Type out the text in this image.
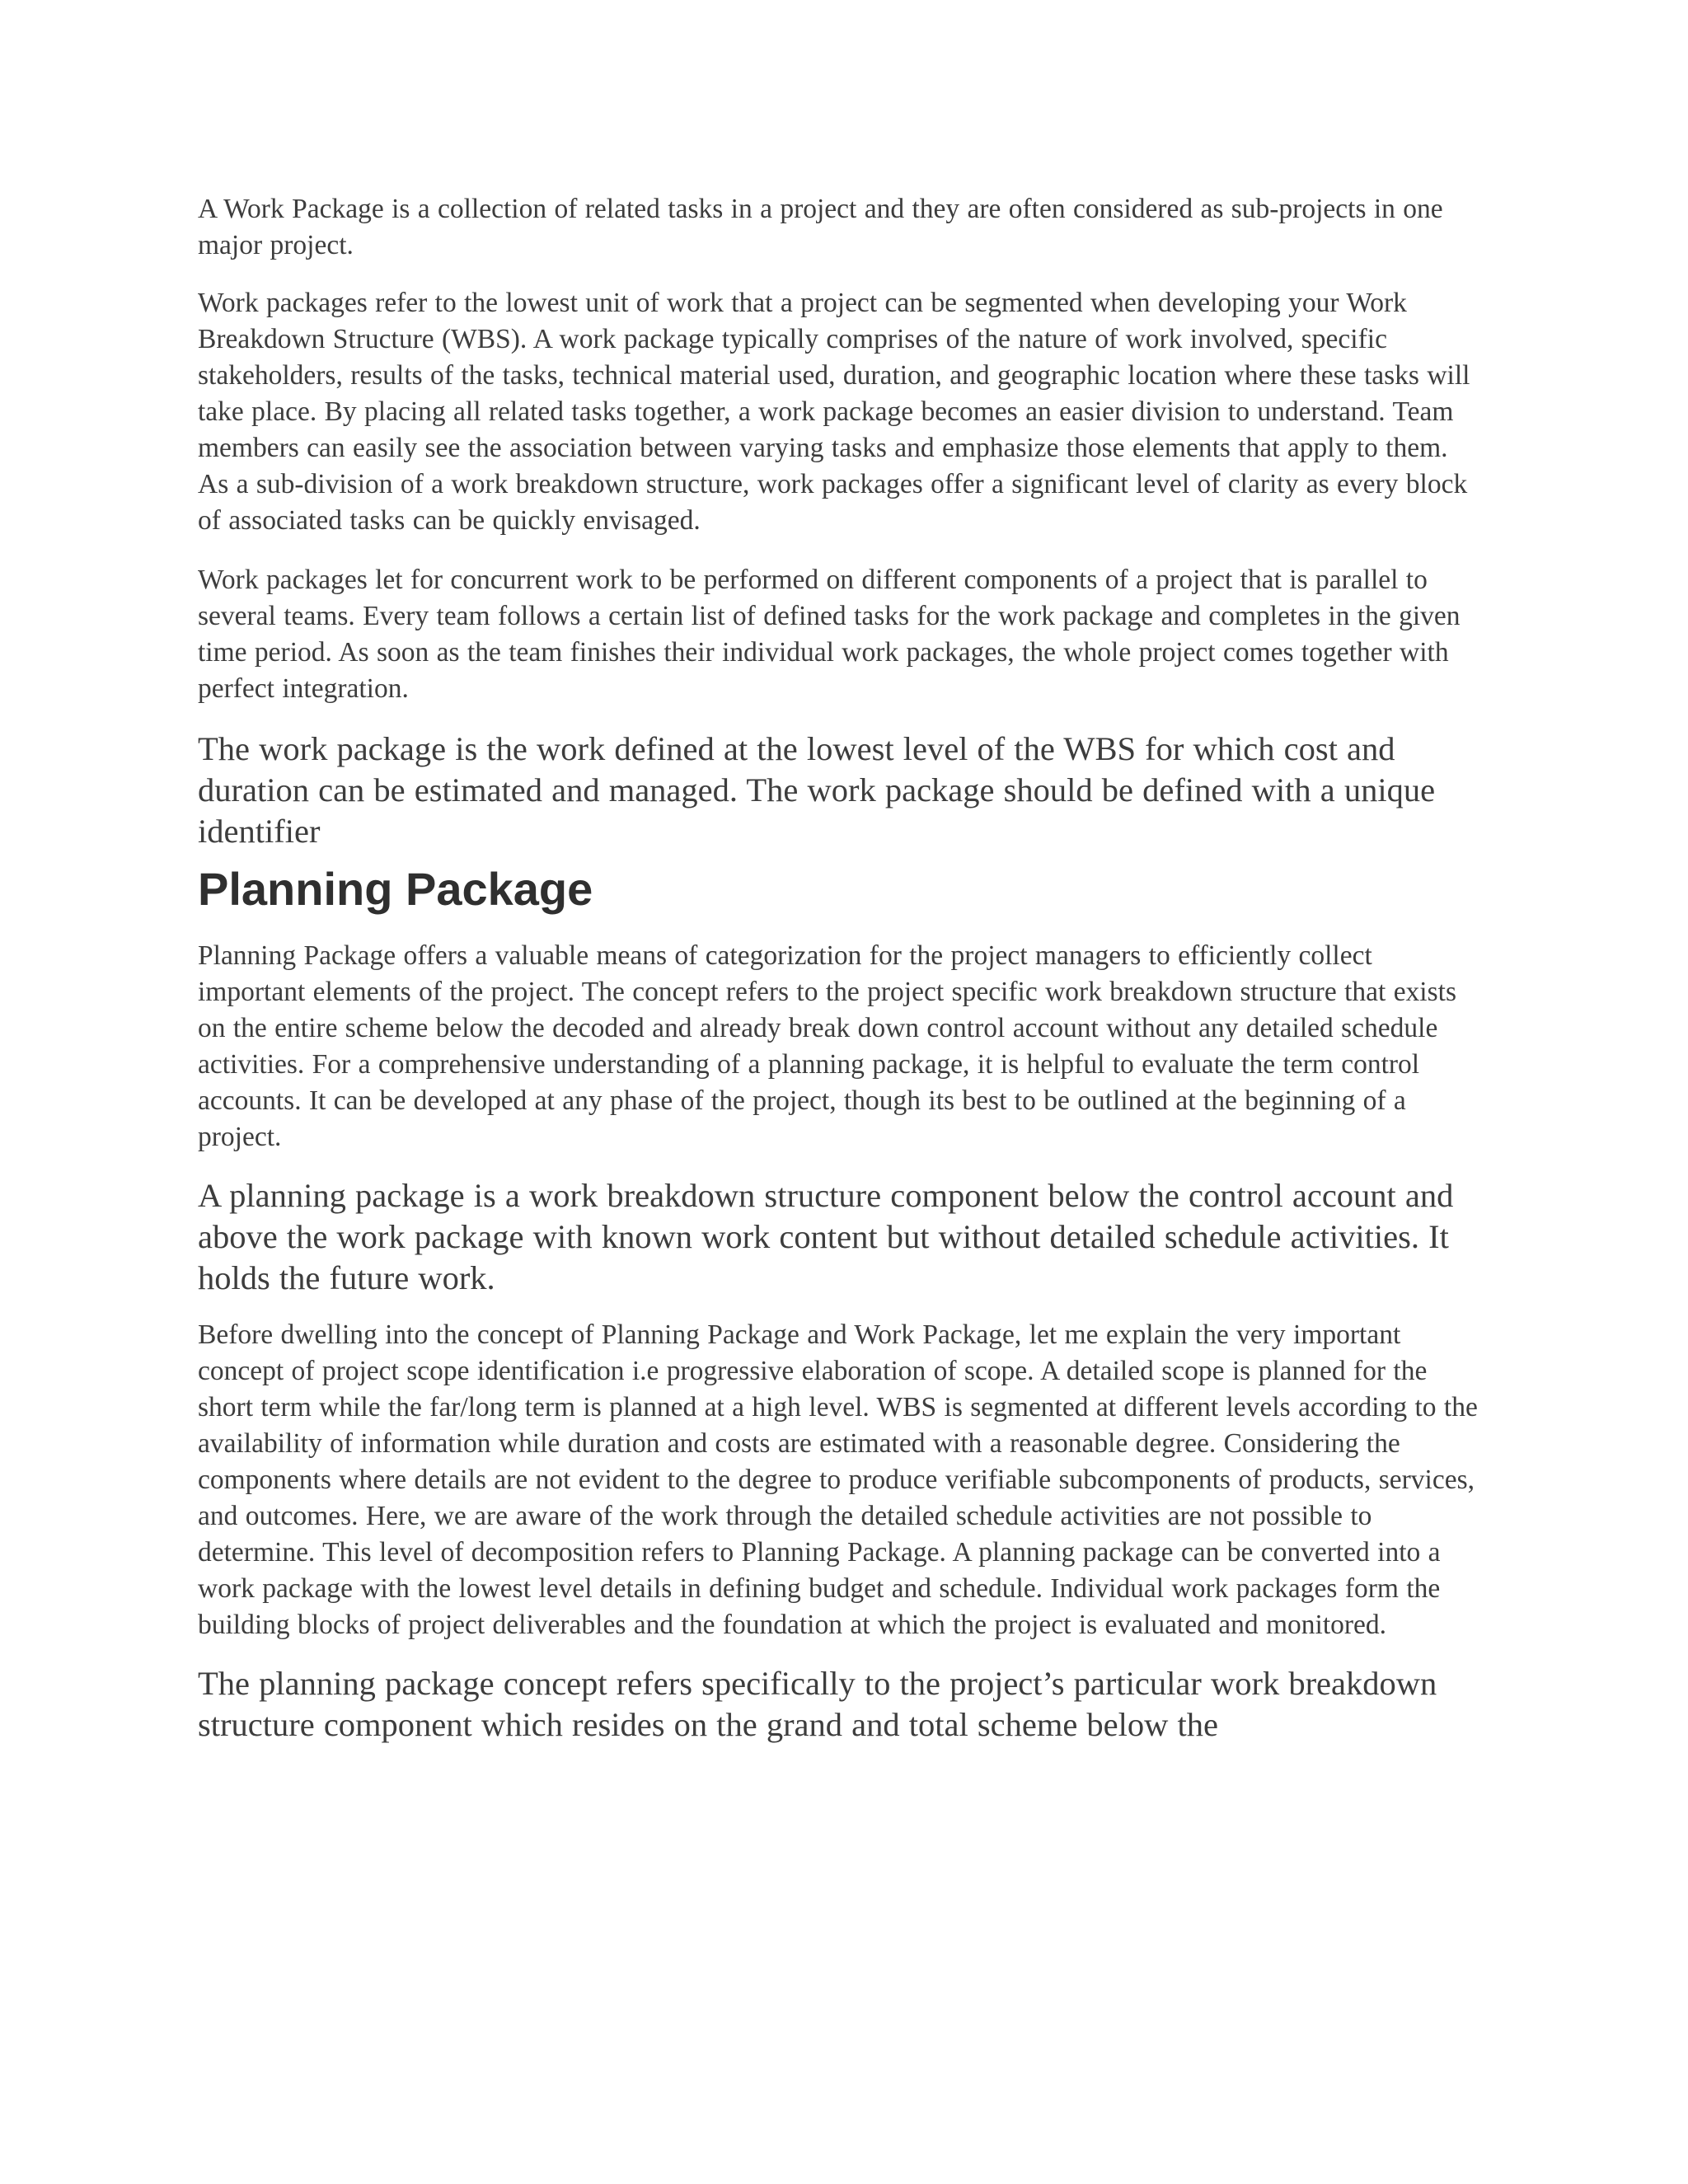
A Work Package is a collection of related tasks in a project and they are often considered as sub-projects in one major project.

Work packages refer to the lowest unit of work that a project can be segmented when developing your Work Breakdown Structure (WBS). A work package typically comprises of the nature of work involved, specific stakeholders, results of the tasks, technical material used, duration, and geographic location where these tasks will take place. By placing all related tasks together, a work package becomes an easier division to understand. Team members can easily see the association between varying tasks and emphasize those elements that apply to them. As a sub-division of a work breakdown structure, work packages offer a significant level of clarity as every block of associated tasks can be quickly envisaged.

Work packages let for concurrent work to be performed on different components of a project that is parallel to several teams. Every team follows a certain list of defined tasks for the work package and completes in the given time period. As soon as the team finishes their individual work packages, the whole project comes together with perfect integration.

The work package is the work defined at the lowest level of the WBS for which cost and duration can be estimated and managed. The work package should be defined with a unique identifier

Planning Package

Planning Package offers a valuable means of categorization for the project managers to efficiently collect important elements of the project. The concept refers to the project specific work breakdown structure that exists on the entire scheme below the decoded and already break down control account without any detailed schedule activities. For a comprehensive understanding of a planning package, it is helpful to evaluate the term control accounts. It can be developed at any phase of the project, though its best to be outlined at the beginning of a project.

A planning package is a work breakdown structure component below the control account and above the work package with known work content but without detailed schedule activities. It holds the future work.

Before dwelling into the concept of Planning Package and Work Package, let me explain the very important concept of project scope identification i.e progressive elaboration of scope. A detailed scope is planned for the short term while the far/long term is planned at a high level. WBS is segmented at different levels according to the availability of information while duration and costs are estimated with a reasonable degree. Considering the components where details are not evident to the degree to produce verifiable subcomponents of products, services, and outcomes. Here, we are aware of the work through the detailed schedule activities are not possible to determine. This level of decomposition refers to Planning Package. A planning package can be converted into a work package with the lowest level details in defining budget and schedule. Individual work packages form the building blocks of project deliverables and the foundation at which the project is evaluated and monitored.

The planning package concept refers specifically to the project’s particular work breakdown structure component which resides on the grand and total scheme below the
